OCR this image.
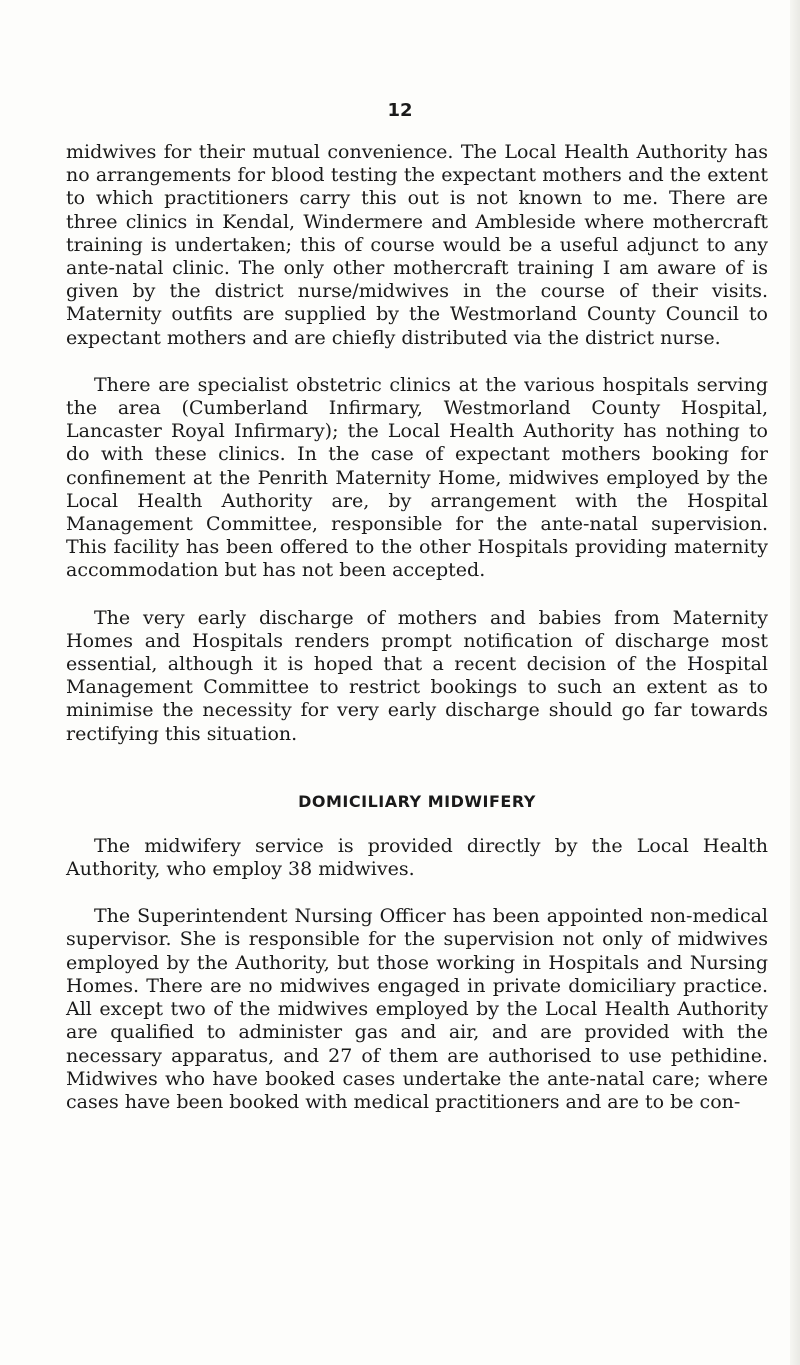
12

midwives for their mutual convenience. The Local Health Authority has no arrangements for blood testing the expectant mothers and the extent to which practitioners carry this out is not known to me. There are three clinics in Kendal, Windermere and Ambleside where mothercraft training is undertaken; this of course would be a useful adjunct to any ante-natal clinic. The only other mothercraft training I am aware of is given by the district nurse/midwives in the course of their visits. Maternity outfits are supplied by the Westmorland County Council to expectant mothers and are chiefly distributed via the district nurse.

There are specialist obstetric clinics at the various hospitals serving the area (Cumberland Infirmary, Westmorland County Hospital, Lancaster Royal Infirmary); the Local Health Authority has nothing to do with these clinics. In the case of expectant mothers booking for confinement at the Penrith Maternity Home, midwives employed by the Local Health Authority are, by arrangement with the Hospital Management Committee, responsible for the ante-natal supervision. This facility has been offered to the other Hospitals providing maternity accommodation but has not been accepted.

The very early discharge of mothers and babies from Maternity Homes and Hospitals renders prompt notification of discharge most essential, although it is hoped that a recent decision of the Hospital Management Committee to restrict bookings to such an extent as to minimise the necessity for very early discharge should go far towards rectifying this situation.

DOMICILIARY MIDWIFERY

The midwifery service is provided directly by the Local Health Authority, who employ 38 midwives.

The Superintendent Nursing Officer has been appointed non-medical supervisor. She is responsible for the supervision not only of midwives employed by the Authority, but those working in Hospitals and Nursing Homes. There are no midwives engaged in private domiciliary practice. All except two of the midwives employed by the Local Health Authority are qualified to administer gas and air, and are provided with the necessary apparatus, and 27 of them are authorised to use pethidine. Midwives who have booked cases undertake the ante-natal care; where cases have been booked with medical practitioners and are to be con-
